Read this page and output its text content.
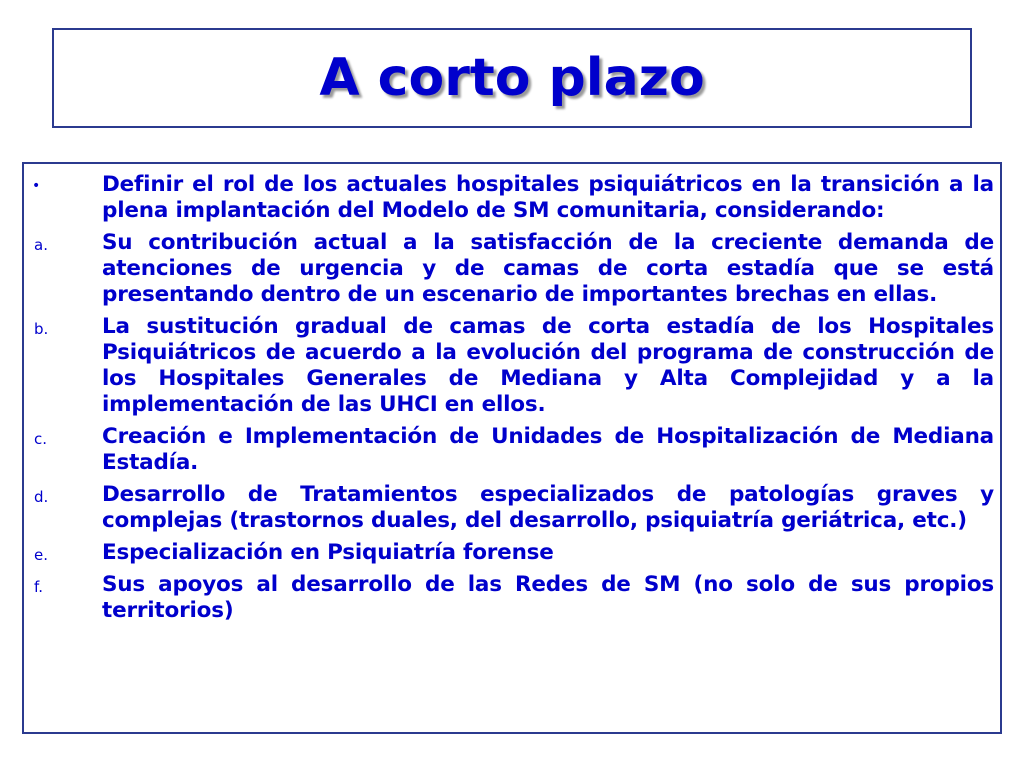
A corto plazo
•	Definir el rol de los actuales hospitales psiquiátricos en la transición a la plena implantación del Modelo de SM comunitaria, considerando:
a.	Su contribución actual a la satisfacción de la creciente demanda de atenciones de urgencia y de camas de corta estadía que se está presentando dentro de un escenario de importantes brechas en ellas.
b.	La sustitución gradual de camas de corta estadía de los Hospitales Psiquiátricos de acuerdo a la evolución del programa de construcción de los Hospitales Generales de Mediana y Alta Complejidad y a la implementación de las UHCI en ellos.
c.	Creación e Implementación de Unidades de Hospitalización de Mediana Estadía.
d.	Desarrollo de Tratamientos especializados de patologías graves y complejas (trastornos duales, del desarrollo, psiquiatría geriátrica, etc.)
e.	Especialización en Psiquiatría forense
f.	Sus apoyos al desarrollo de las Redes de SM (no solo de sus propios territorios)
